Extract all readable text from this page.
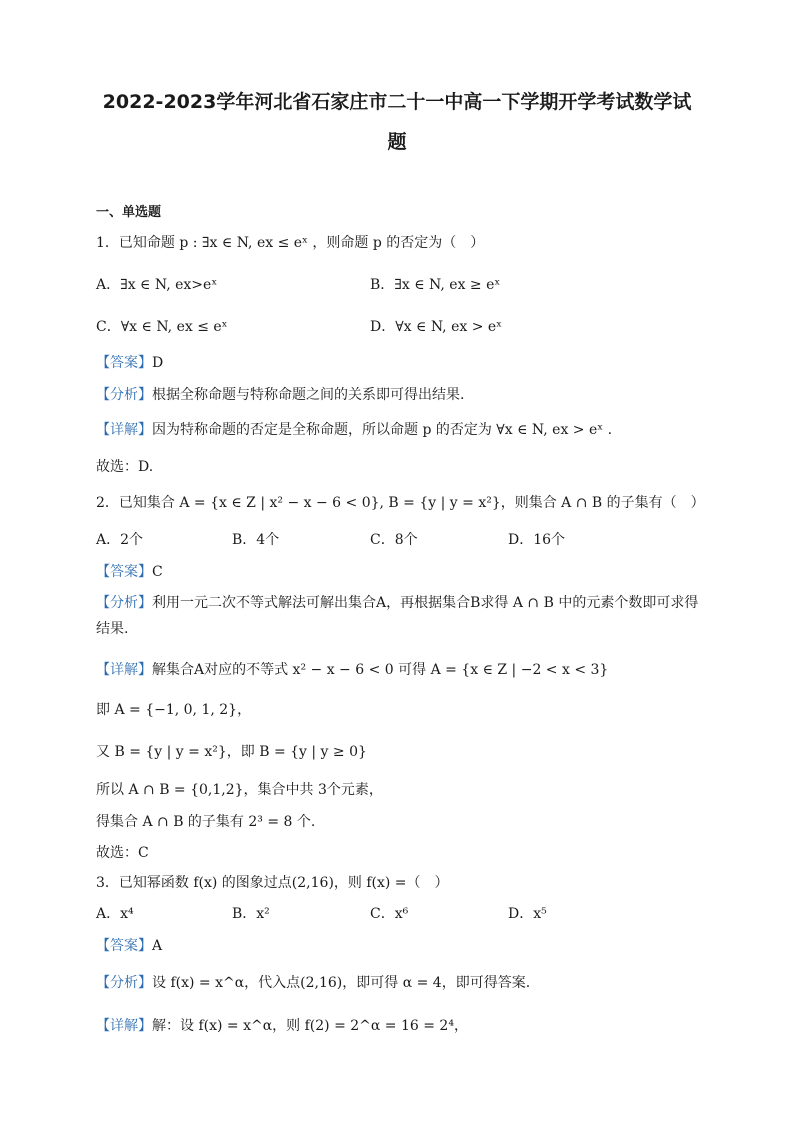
2022-2023学年河北省石家庄市二十一中高一下学期开学考试数学试
题
一、单选题
1．已知命题 p : ∃x ∈ N, ex ≤ eˣ ，则命题 p 的否定为（　）
A．∃x ∈ N, ex>eˣ	B．∃x ∈ N, ex ≥ eˣ
C．∀x ∈ N, ex ≤ eˣ	D．∀x ∈ N, ex > eˣ
【答案】D
【分析】根据全称命题与特称命题之间的关系即可得出结果.
【详解】因为特称命题的否定是全称命题，所以命题 p 的否定为 ∀x ∈ N, ex > eˣ .
故选：D.
2．已知集合 A = {x ∈ Z | x² − x − 6 < 0}, B = {y | y = x²}，则集合 A ∩ B 的子集有（　）
A．2个	B．4个	C．8个	D．16个
【答案】C
【分析】利用一元二次不等式解法可解出集合A，再根据集合B求得 A ∩ B 中的元素个数即可求得结果.
【详解】解集合A对应的不等式 x² − x − 6 < 0 可得 A = {x ∈ Z | −2 < x < 3}
即 A = {−1, 0, 1, 2}，
又 B = {y | y = x²}，即 B = {y | y ≥ 0}
所以 A ∩ B = {0,1,2}，集合中共 3个元素，
得集合 A ∩ B 的子集有 2³ = 8 个.
故选：C
3．已知幂函数 f(x) 的图象过点(2,16)，则 f(x) =（　）
A．x⁴	B．x²	C．x⁶	D．x⁵
【答案】A
【分析】设 f(x) = x^α，代入点(2,16)，即可得 α = 4，即可得答案.
【详解】解：设 f(x) = x^α，则 f(2) = 2^α = 16 = 2⁴，
